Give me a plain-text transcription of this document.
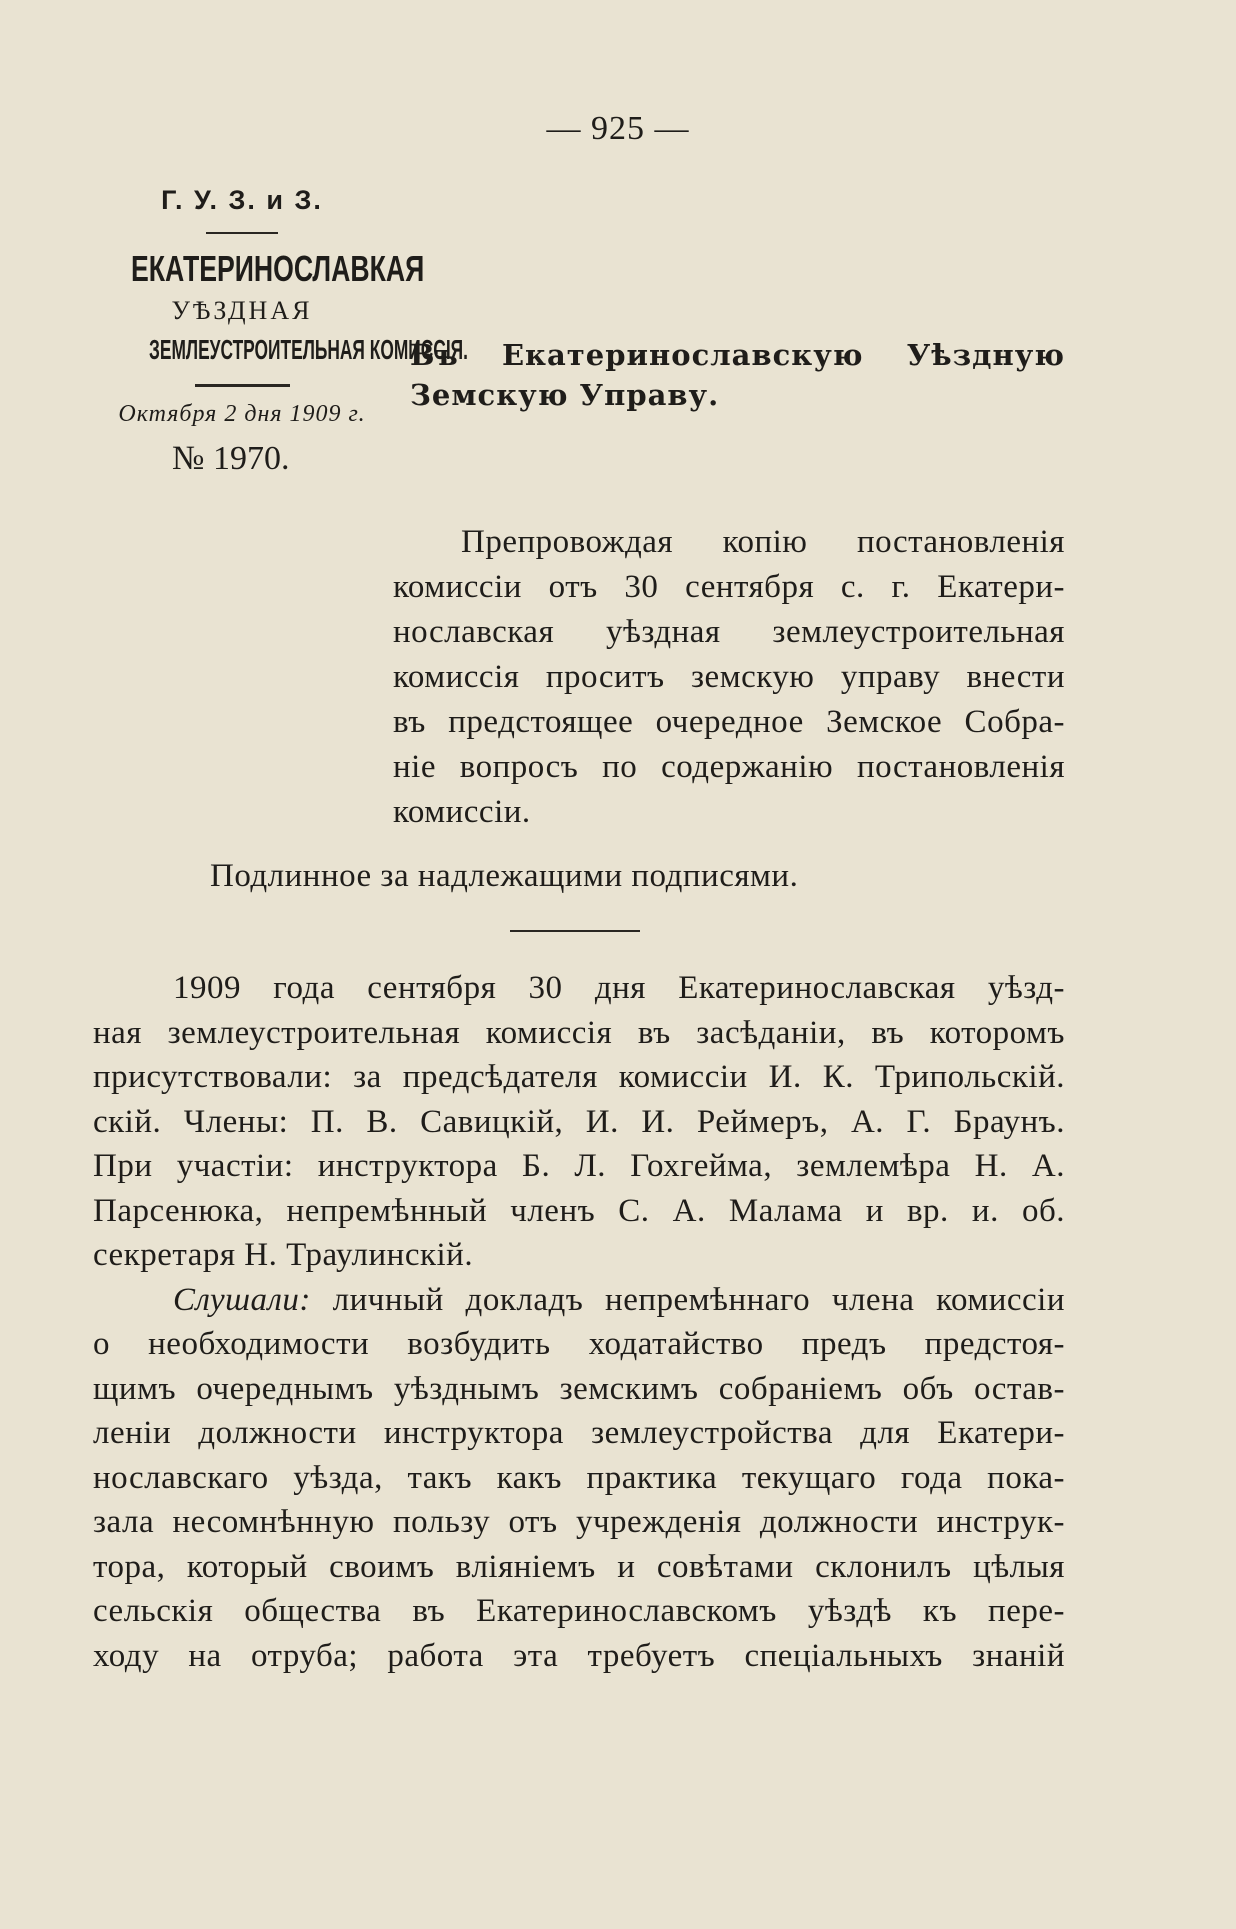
— 925 —
Г. У. З. и З.
ЕКАТЕРИНОСЛАВКАЯ
УѢЗДНАЯ
ЗЕМЛЕУСТРОИТЕЛЬНАЯ КОМИССІЯ.
Октября 2 дня 1909 г.
№ 1970.
Въ Екатеринославскую Уѣздную
Земскую Управу.
Препровождая копію постановленія
комиссіи отъ 30 сентября с. г. Екатери-
нославская уѣздная землеустроительная
комиссія проситъ земскую управу внести
въ предстоящее очередное Земское Собра-
ніе вопросъ по содержанію постановленія
комиссіи.
Подлинное за надлежащими подписями.
1909 года сентября 30 дня Екатеринославская уѣзд-
ная землеустроительная комиссія въ засѣданіи, въ которомъ
присутствовали: за предсѣдателя комиссіи И. К. Трипольcкій.
скій. Члены: П. В. Савицкій, И. И. Реймеръ, А. Г. Браунъ.
При участіи: инструктора Б. Л. Гохгейма, землемѣра Н. А.
Парсенюка, непремѣнный членъ С. А. Малама и вр. и. об.
секретаря Н. Траулинскій.
Слушали: личный докладъ непремѣннаго члена комиссіи
о необходимости возбудить ходатайство предъ предстоя-
щимъ очереднымъ уѣзднымъ земскимъ собраніемъ объ остав-
леніи должности инструктора землеустройства для Екатери-
нославскаго уѣзда, такъ какъ практика текущаго года пока-
зала несомнѣнную пользу отъ учрежденія должности инструк-
тора, который своимъ вліяніемъ и совѣтами склонилъ цѣлыя
сельскія общества въ Екатеринославскомъ уѣздѣ къ пере-
ходу на отруба; работа эта требуетъ спеціальныхъ знаній
